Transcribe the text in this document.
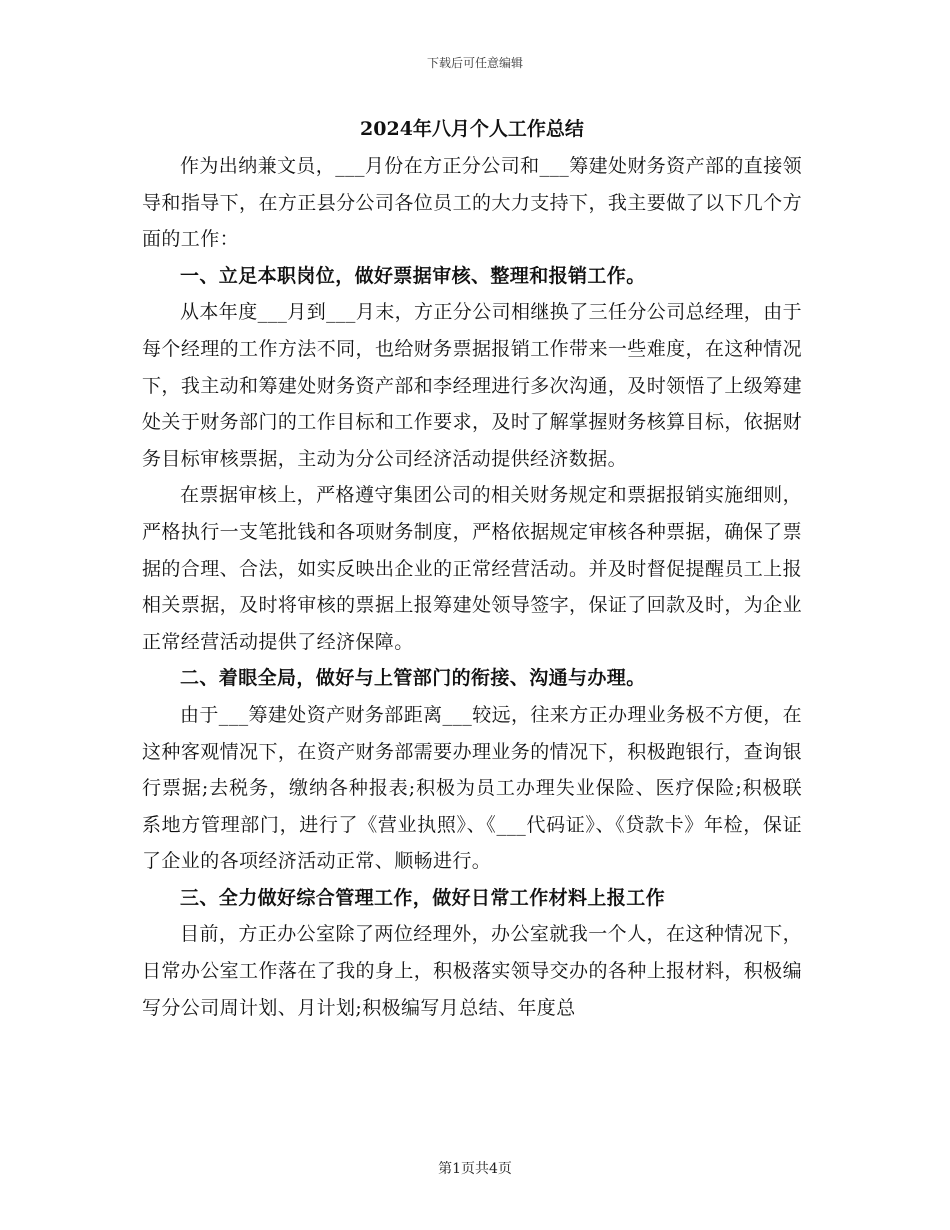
下载后可任意编辑
2024年八月个人工作总结

作为出纳兼文员，___月份在方正分公司和___筹建处财务资产部的直接领导和指导下，在方正县分公司各位员工的大力支持下，我主要做了以下几个方面的工作：

一、立足本职岗位，做好票据审核、整理和报销工作。

从本年度___月到___月末，方正分公司相继换了三任分公司总经理，由于每个经理的工作方法不同，也给财务票据报销工作带来一些难度，在这种情况下，我主动和筹建处财务资产部和李经理进行多次沟通，及时领悟了上级筹建处关于财务部门的工作目标和工作要求，及时了解掌握财务核算目标，依据财务目标审核票据，主动为分公司经济活动提供经济数据。

在票据审核上，严格遵守集团公司的相关财务规定和票据报销实施细则，严格执行一支笔批钱和各项财务制度，严格依据规定审核各种票据，确保了票据的合理、合法，如实反映出企业的正常经营活动。并及时督促提醒员工上报相关票据，及时将审核的票据上报筹建处领导签字，保证了回款及时，为企业正常经营活动提供了经济保障。

二、着眼全局，做好与上管部门的衔接、沟通与办理。

由于___筹建处资产财务部距离___较远，往来方正办理业务极不方便，在这种客观情况下，在资产财务部需要办理业务的情况下，积极跑银行，查询银行票据;去税务，缴纳各种报表;积极为员工办理失业保险、医疗保险;积极联系地方管理部门，进行了《营业执照》、《___代码证》、《贷款卡》年检，保证了企业的各项经济活动正常、顺畅进行。

三、全力做好综合管理工作，做好日常工作材料上报工作

目前，方正办公室除了两位经理外，办公室就我一个人，在这种情况下，日常办公室工作落在了我的身上，积极落实领导交办的各种上报材料，积极编写分公司周计划、月计划;积极编写月总结、年度总

第1页共4页
